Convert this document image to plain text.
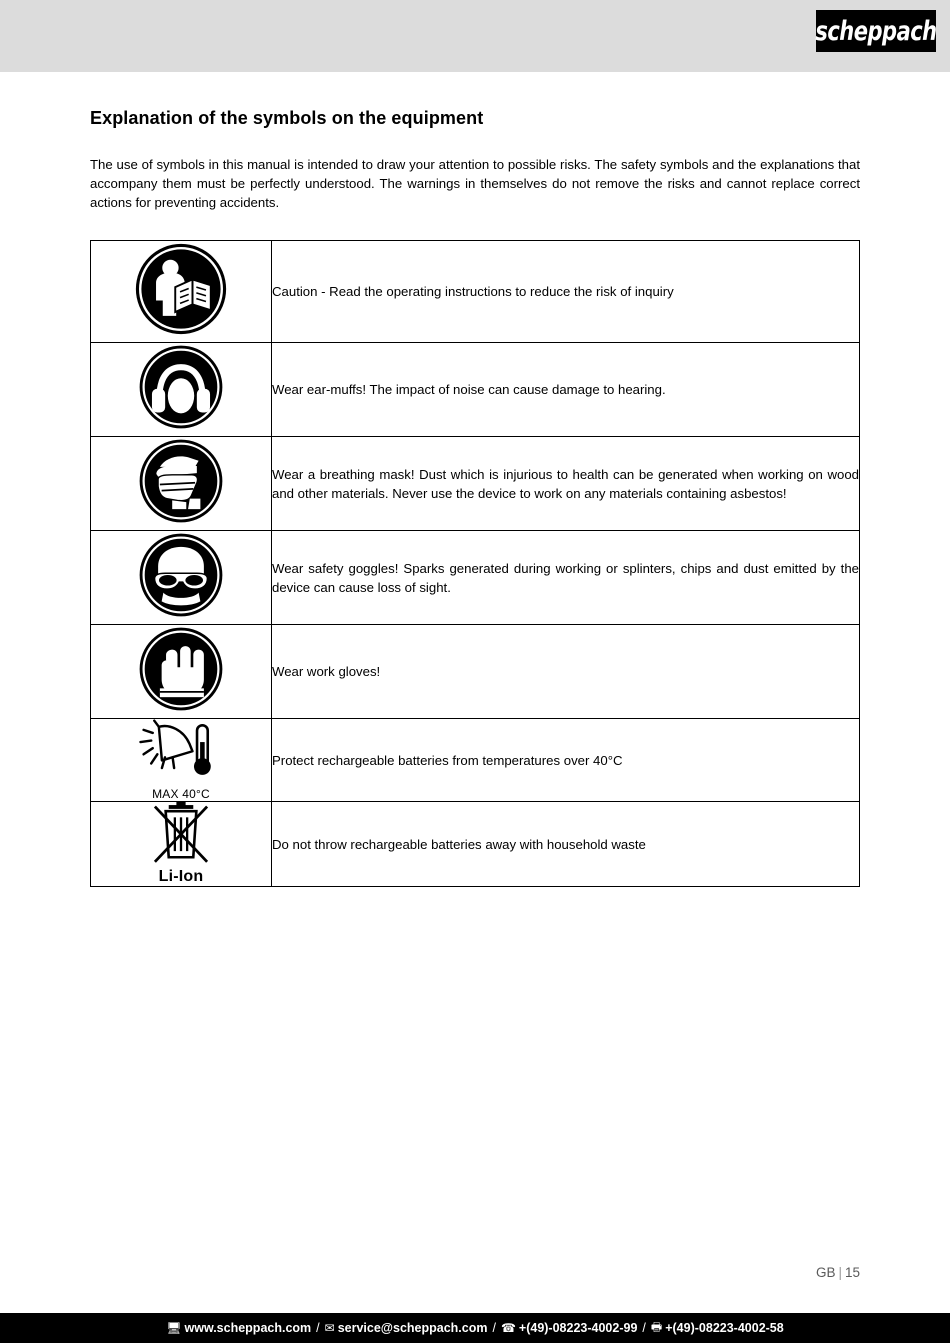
scheppach
Explanation of the symbols on the equipment

The use of symbols in this manual is intended to draw your attention to possible risks. The safety symbols and the explanations that accompany them must be perfectly understood. The warnings in themselves do not remove the risks and cannot replace correct actions for preventing accidents.

	Caution - Read the operating instructions to reduce the risk of inquiry

	Wear ear-muffs! The impact of noise can cause damage to hearing.

	Wear a breathing mask! Dust which is injurious to health can be generated when working on wood and other materials. Never use the device to work on any materials containing asbestos!

	Wear safety goggles! Sparks generated during working or splinters, chips and dust emitted by the device can cause loss of sight.

	Wear work gloves!

MAX 40°C	Protect rechargeable batteries from temperatures over 40°C

Li-Ion	Do not throw rechargeable batteries away with household waste
GB | 15
🖥 www.scheppach.com / ✉ service@scheppach.com / ☎ +(49)-08223-4002-99 / 🖶 +(49)-08223-4002-58
